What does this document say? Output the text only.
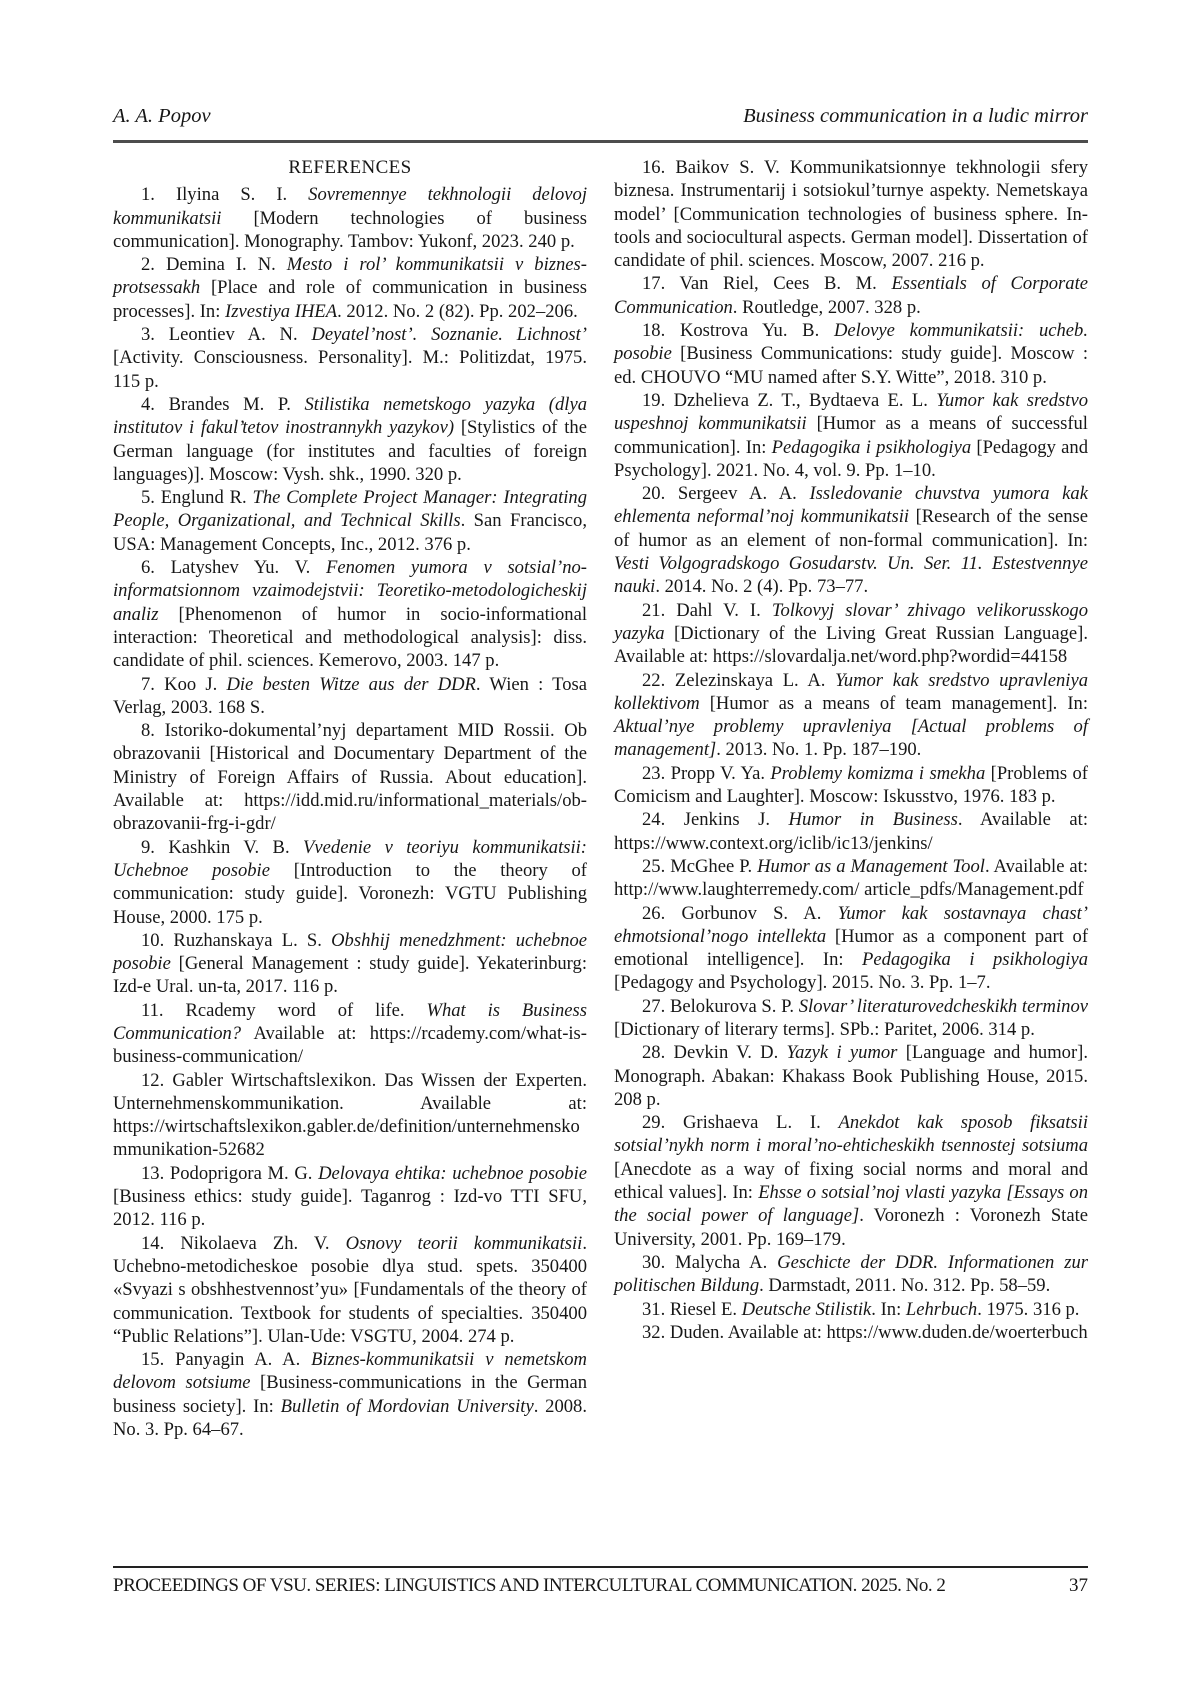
A. A. Popov	Business communication in a ludic mirror
REFERENCES

1. Ilyina S. I. Sovremennye tekhnologii delovoj kommunikatsii [Modern technologies of business communication]. Monography. Tambov: Yukonf, 2023. 240 p.

2. Demina I. N. Mesto i rol’ kommunikatsii v biznes-protsessakh [Place and role of communication in business processes]. In: Izvestiya IHEA. 2012. No. 2 (82). Pp. 202–206.

3. Leontiev A. N. Deyatel’nost’. Soznanie. Lichnost’ [Activity. Consciousness. Personality]. M.: Politizdat, 1975. 115 p.

4. Brandes M. P. Stilistika nemetskogo yazyka (dlya institutov i fakul’tetov inostrannykh yazykov) [Stylistics of the German language (for institutes and faculties of foreign languages)]. Moscow: Vysh. shk., 1990. 320 p.

5. Englund R. The Complete Project Manager: Integrating People, Organizational, and Technical Skills. San Francisco, USA: Management Concepts, Inc., 2012. 376 p.

6. Latyshev Yu. V. Fenomen yumora v sotsial’no-informatsionnom vzaimodejstvii: Teoretiko-metodologicheskij analiz [Phenomenon of humor in socio-informational interaction: Theoretical and methodological analysis]: diss. candidate of phil. sciences. Kemerovo, 2003. 147 p.

7. Koo J. Die besten Witze aus der DDR. Wien : Tosa Verlag, 2003. 168 S.

8. Istoriko-dokumental’nyj departament MID Rossii. Ob obrazovanii [Historical and Documentary Department of the Ministry of Foreign Affairs of Russia. About education]. Available at: https://idd.mid.ru/informational_materials/ob-obrazovanii-frg-i-gdr/

9. Kashkin V. B. Vvedenie v teoriyu kommunikatsii: Uchebnoe posobie [Introduction to the theory of communication: study guide]. Voronezh: VGTU Publishing House, 2000. 175 p.

10. Ruzhanskaya L. S. Obshhij menedzhment: uchebnoe posobie [General Management : study guide]. Yekaterinburg: Izd-e Ural. un-ta, 2017. 116 p.

11. Rcademy word of life. What is Business Communication? Available at: https://rcademy.com/what-is-business-communication/

12. Gabler Wirtschaftslexikon. Das Wissen der Experten. Unternehmenskommunikation. Available at: https://wirtschaftslexikon.gabler.de/definition/unternehmenskommunikation-52682

13. Podoprigora M. G. Delovaya ehtika: uchebnoe posobie [Business ethics: study guide]. Taganrog : Izd-vo TTI SFU, 2012. 116 p.

14. Nikolaeva Zh. V. Osnovy teorii kommunikatsii. Uchebno-metodicheskoe posobie dlya stud. spets. 350400 «Svyazi s obshhestvennost’yu» [Fundamentals of the theory of communication. Textbook for students of specialties. 350400 “Public Relations”]. Ulan-Ude: VSGTU, 2004. 274 p.

15. Panyagin A. A. Biznes-kommunikatsii v nemetskom delovom sotsiume [Business-communications in the German business society]. In: Bulletin of Mordovian University. 2008. No. 3. Pp. 64–67.

16. Baikov S. V. Kommunikatsionnye tekhnologii sfery biznesa. Instrumentarij i sotsiokul’turnye aspekty. Nemetskaya model’ [Communication technologies of business sphere. In-tools and sociocultural aspects. German model]. Dissertation of candidate of phil. sciences. Moscow, 2007. 216 p.

17. Van Riel, Cees B. M. Essentials of Corporate Communication. Routledge, 2007. 328 p.

18. Kostrova Yu. B. Delovye kommunikatsii: ucheb. posobie [Business Communications: study guide]. Moscow : ed. CHOUVO “MU named after S.Y. Witte”, 2018. 310 p.

19. Dzhelieva Z. T., Bydtaeva E. L. Yumor kak sredstvo uspeshnoj kommunikatsii [Humor as a means of successful communication]. In: Pedagogika i psikhologiya [Pedagogy and Psychology]. 2021. No. 4, vol. 9. Pp. 1–10.

20. Sergeev A. A. Issledovanie chuvstva yumora kak ehlementa neformal’noj kommunikatsii [Research of the sense of humor as an element of non-formal communication]. In: Vesti Volgogradskogo Gosudarstv. Un. Ser. 11. Estestvennye nauki. 2014. No. 2 (4). Pp. 73–77.

21. Dahl V. I. Tolkovyj slovar’ zhivago velikorusskogo yazyka [Dictionary of the Living Great Russian Language]. Available at: https://slovardalja.net/word.php?wordid=44158

22. Zelezinskaya L. A. Yumor kak sredstvo upravleniya kollektivom [Humor as a means of team management]. In: Aktual’nye problemy upravleniya [Actual problems of management]. 2013. No. 1. Pp. 187–190.

23. Propp V. Ya. Problemy komizma i smekha [Problems of Comicism and Laughter]. Moscow: Iskusstvo, 1976. 183 p.

24. Jenkins J. Humor in Business. Available at: https://www.context.org/iclib/ic13/jenkins/

25. McGhee P. Humor as a Management Tool. Available at: http://www.laughterremedy.com/ article_pdfs/Management.pdf

26. Gorbunov S. A. Yumor kak sostavnaya chast’ ehmotsional’nogo intellekta [Humor as a component part of emotional intelligence]. In: Pedagogika i psikhologiya [Pedagogy and Psychology]. 2015. No. 3. Pp. 1–7.

27. Belokurova S. P. Slovar’ literaturovedcheskikh terminov [Dictionary of literary terms]. SPb.: Paritet, 2006. 314 p.

28. Devkin V. D. Yazyk i yumor [Language and humor]. Monograph. Abakan: Khakass Book Publishing House, 2015. 208 p.

29. Grishaeva L. I. Anekdot kak sposob fiksatsii sotsial’nykh norm i moral’no-ehticheskikh tsennostej sotsiuma [Anecdote as a way of fixing social norms and moral and ethical values]. In: Ehsse o sotsial’noj vlasti yazyka [Essays on the social power of language]. Voronezh : Voronezh State University, 2001. Pp. 169–179.

30. Malycha A. Geschicte der DDR. Informationen zur politischen Bildung. Darmstadt, 2011. No. 312. Pp. 58–59.

31. Riesel E. Deutsche Stilistik. In: Lehrbuch. 1975. 316 p.

32. Duden. Available at: https://www.duden.de/woerterbuch

PROCEEDINGS OF VSU. SERIES: LINGUISTICS AND INTERCULTURAL COMMUNICATION. 2025. No. 2	37
